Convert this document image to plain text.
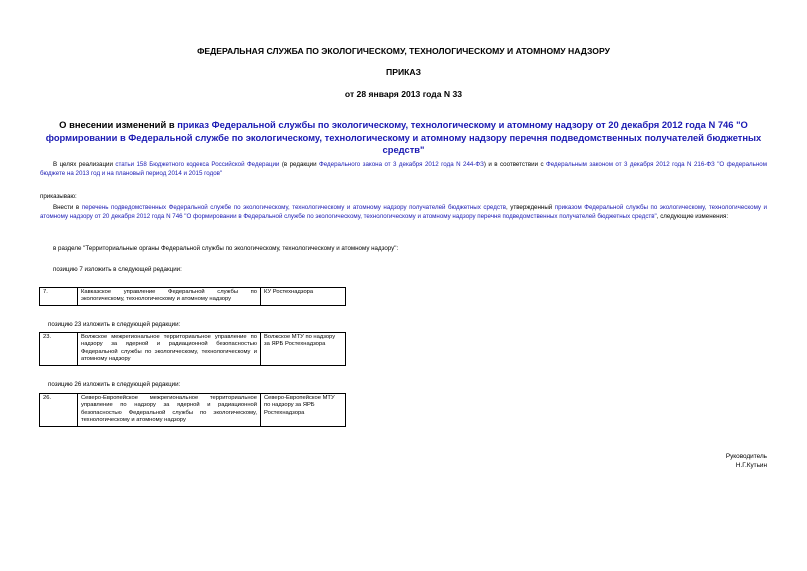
ФЕДЕРАЛЬНАЯ СЛУЖБА ПО ЭКОЛОГИЧЕСКОМУ, ТЕХНОЛОГИЧЕСКОМУ И АТОМНОМУ НАДЗОРУ
ПРИКАЗ
от 28 января 2013 года N 33
О внесении изменений в приказ Федеральной службы по экологическому, технологическому и атомному надзору от 20 декабря 2012 года N 746 "О формировании в Федеральной службе по экологическому, технологическому и атомному надзору перечня подведомственных получателей бюджетных средств"
В целях реализации статьи 158 Бюджетного кодекса Российской Федерации (в редакции Федерального закона от 3 декабря 2012 года N 244-ФЗ) и в соответствии с Федеральным законом от 3 декабря 2012 года N 216-ФЗ "О федеральном бюджете на 2013 год и на плановый период 2014 и 2015 годов"
приказываю:
Внести в перечень подведомственных Федеральной службе по экологическому, технологическому и атомному надзору получателей бюджетных средств, утвержденный приказом Федеральной службы по экологическому, технологическому и атомному надзору от 20 декабря 2012 года N 746 "О формировании в Федеральной службе по экологическому, технологическому и атомному надзору перечня подведомственных получателей бюджетных средств", следующие изменения:
в разделе "Территориальные органы Федеральной службы по экологическому, технологическому и атомному надзору":
позицию 7 изложить в следующей редакции:
7.	Кавказское управление Федеральной службы по экологическому, технологическому и атомному надзору	КУ Ростехнадзора
позицию 23 изложить в следующей редакции:
23.	Волжское межрегиональное территориальное управление по надзору за ядерной и радиационной безопасностью Федеральной службы по экологическому, технологическому и атомному надзору	Волжское МТУ по надзору за ЯРБ Ростехнадзора
позицию 26 изложить в следующей редакции:
26.	Северо-Европейское межрегиональное территориальное управление по надзору за ядерной и радиационной безопасностью Федеральной службы по экологическому, технологическому и атомному надзору	Северо-Европейское МТУ по надзору за ЯРБ Ростехнадзора
Руководитель
Н.Г.Кутьин
